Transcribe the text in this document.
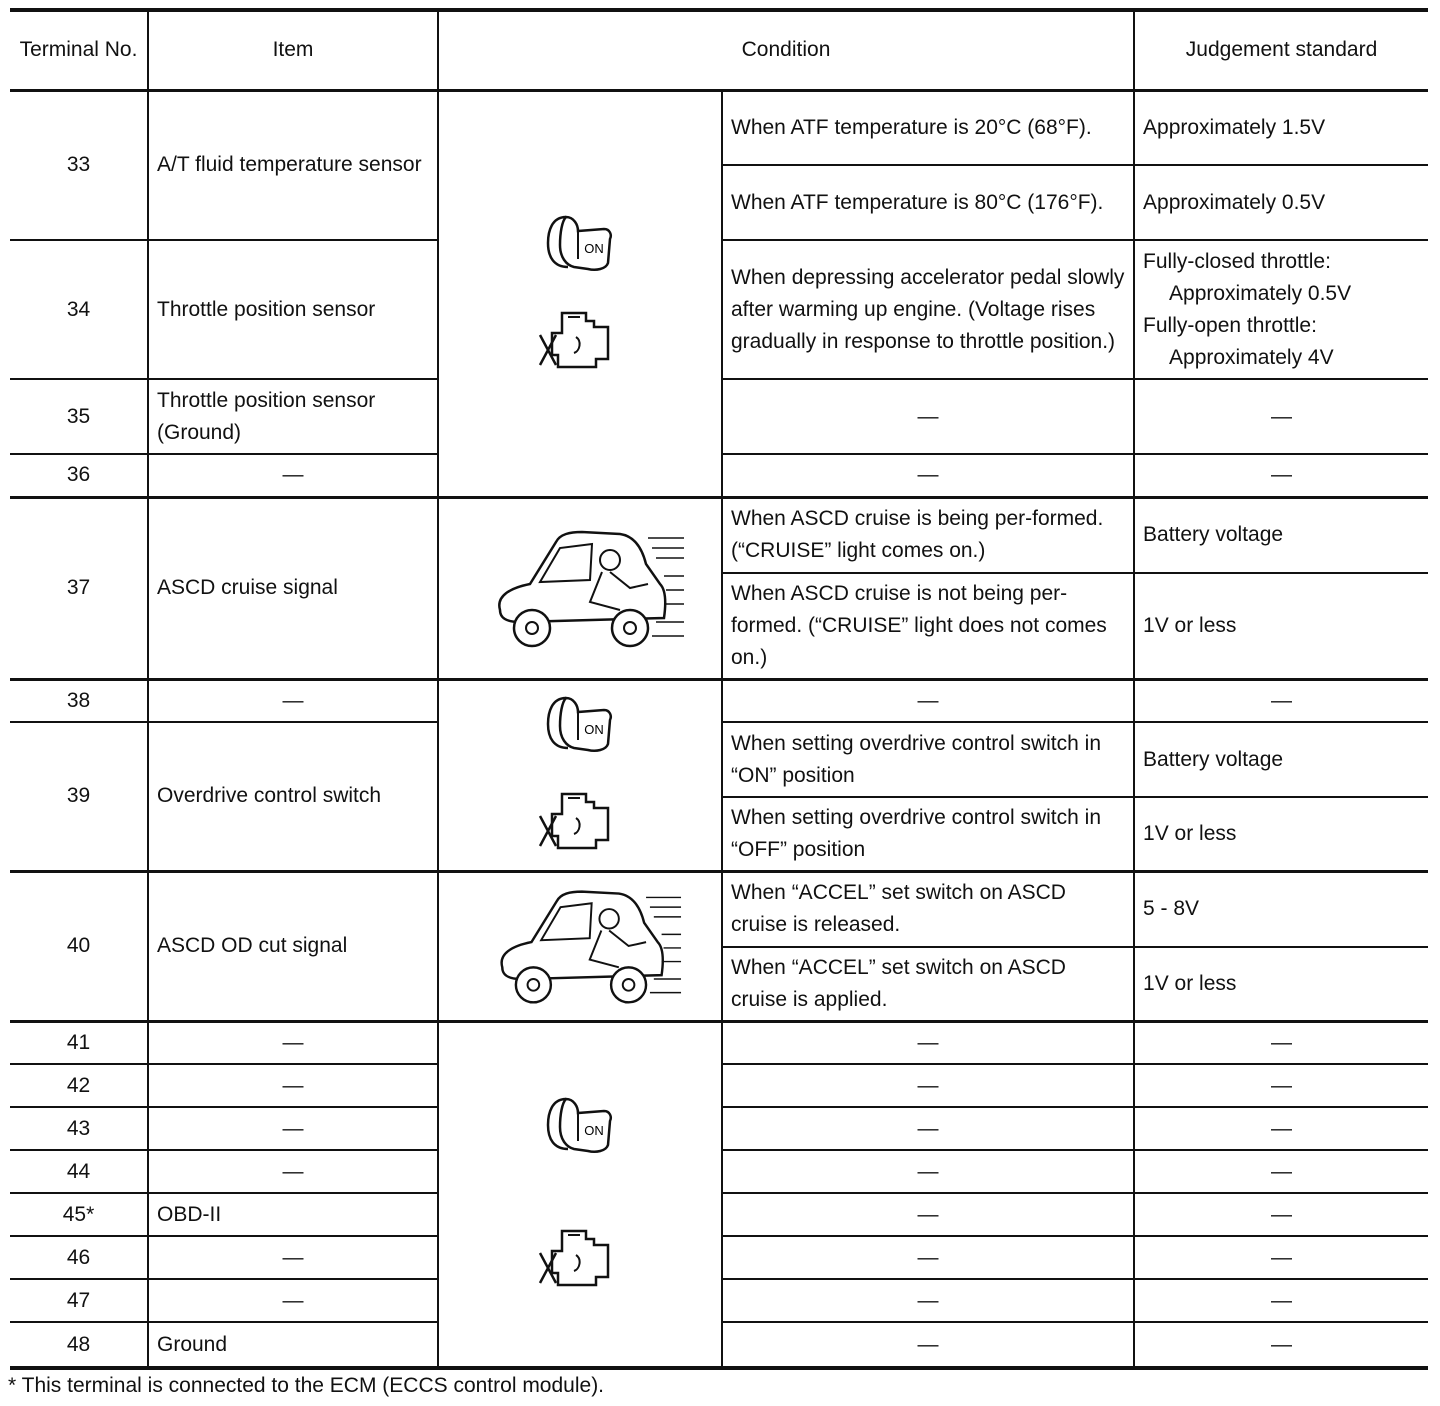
Terminal No.	Item	Condition		Judgement standard
33	A/T fluid temperature sensor	ON	When ATF temperature is 20°C (68°F).	Approximately 1.5V
			When ATF temperature is 80°C (176°F).	Approximately 0.5V
34	Throttle position sensor		When depressing accelerator pedal slowly after warming up engine. (Voltage rises gradually in response to throttle position.)	Fully-closed throttle:

Approximately 0.5V
Fully-open throttle:

Approximately 4V

35	Throttle position sensor (Ground)		—	—
36	—		—	—
37	ASCD cruise signal		When ASCD cruise is being per-formed. (“CRUISE” light comes on.)	Battery voltage
			When ASCD cruise is not being per-formed. (“CRUISE” light does not comes on.)	1V or less
38	—	ON	—	—
39	Overdrive control switch		When setting overdrive control switch in “ON” position	Battery voltage
			When setting overdrive control switch in “OFF” position	1V or less
40	ASCD OD cut signal		When “ACCEL” set switch on ASCD cruise is released.	5 - 8V
			When “ACCEL” set switch on ASCD cruise is applied.	1V or less
41	—	ON	—	—
42	—		—	—
43	—		—	—
44	—		—	—
45*	OBD-II		—	—
46	—		—	—
47	—		—	—
48	Ground		—	—
* This terminal is connected to the ECM (ECCS control module).
